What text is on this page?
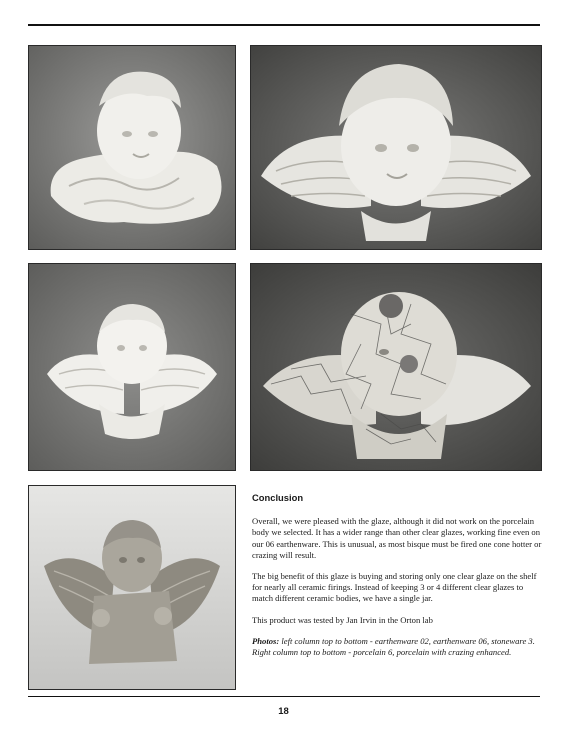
Conclusion

Overall, we were pleased with the glaze, although it did not work on the porcelain body we selected. It has a wider range than other clear glazes, working fine even on our 06 earthenware. This is unusual, as most bisque must be fired one cone hotter or crazing will result.

The big benefit of this glaze is buying and storing only one clear glaze on the shelf for nearly all ceramic firings. Instead of keeping 3 or 4 different clear glazes to match different ceramic bodies, we have a single jar.

This product was tested by Jan Irvin in the Orton lab

Photos: left column top to bottom - earthenware 02, earthenware 06, stoneware 3. Right column top to bottom - porcelain 6, porcelain with crazing enhanced.

18
